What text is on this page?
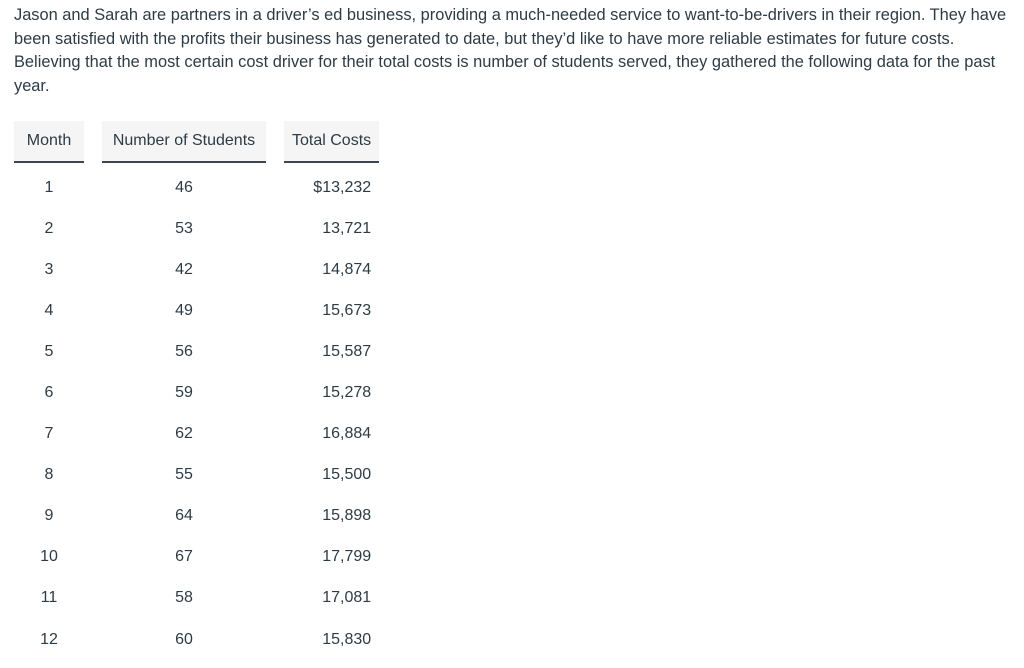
Jason and Sarah are partners in a driver’s ed business, providing a much-needed service to want-to-be-drivers in their region. They have been satisfied with the profits their business has generated to date, but they’d like to have more reliable estimates for future costs. Believing that the most certain cost driver for their total costs is number of students served, they gathered the following data for the past year.

Month		Number of Students		Total Costs
1		46		$13,232
2		53		13,721
3		42		14,874
4		49		15,673
5		56		15,587
6		59		15,278
7		62		16,884
8		55		15,500
9		64		15,898
10		67		17,799
11		58		17,081
12		60		15,830
